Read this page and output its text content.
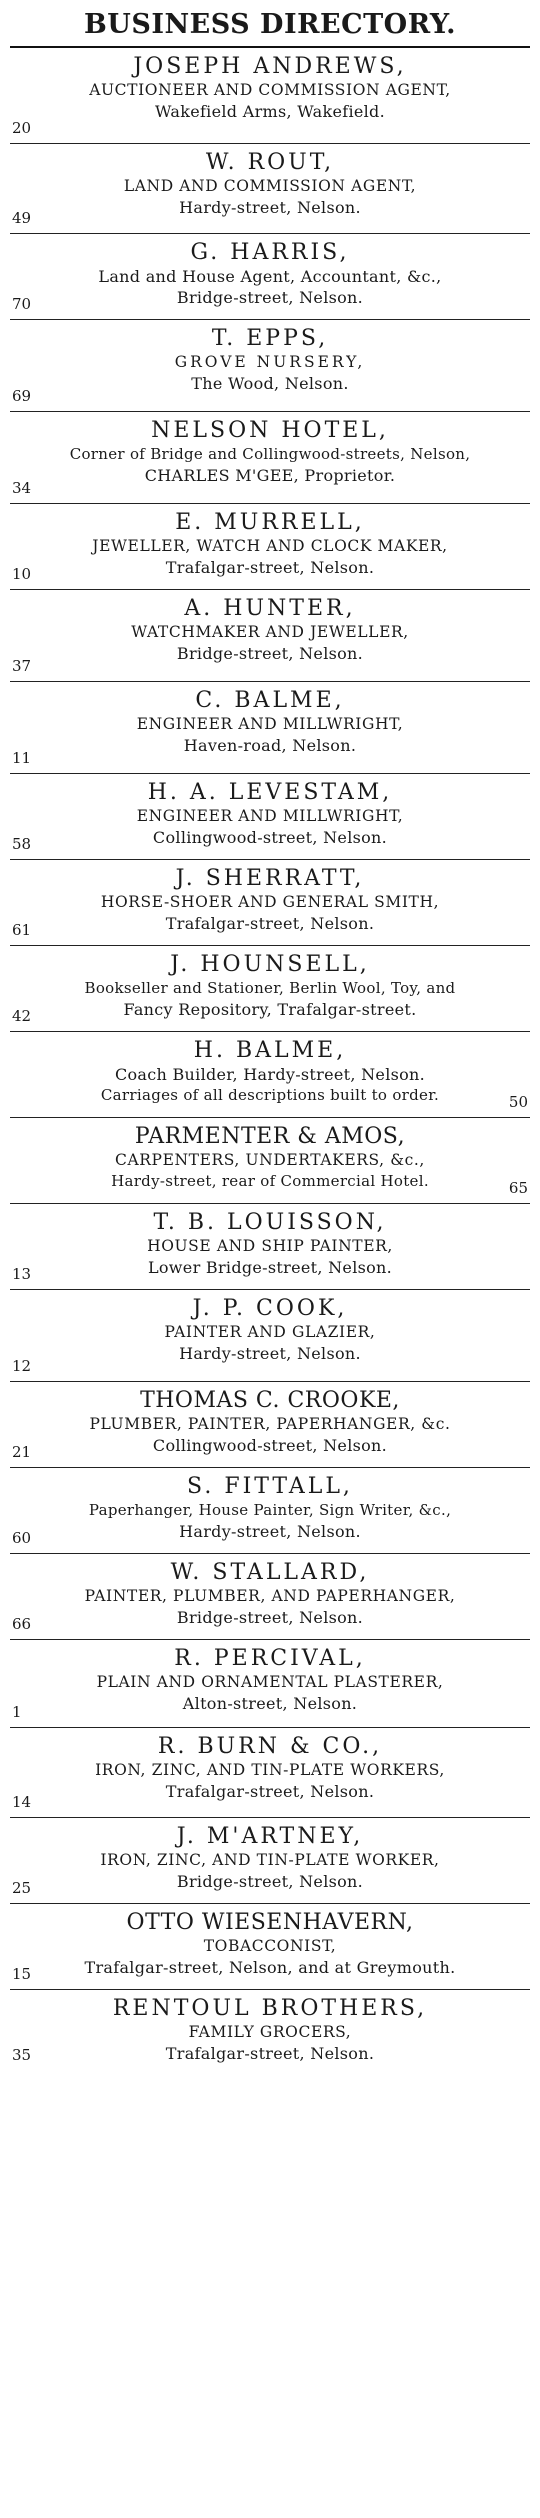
BUSINESS DIRECTORY.
JOSEPH ANDREWS,
AUCTIONEER AND COMMISSION AGENT,
Wakefield Arms, Wakefield.
20
W. ROUT,
LAND AND COMMISSION AGENT,
Hardy-street, Nelson.
49
G. HARRIS,
Land and House Agent, Accountant, &c.,
Bridge-street, Nelson.
70
T. EPPS,
GROVE NURSERY,
The Wood, Nelson.
69
NELSON HOTEL,
Corner of Bridge and Collingwood-streets, Nelson,
CHARLES M'GEE, Proprietor.
34
E. MURRELL,
JEWELLER, WATCH AND CLOCK MAKER,
Trafalgar-street, Nelson.
10
A. HUNTER,
WATCHMAKER AND JEWELLER,
Bridge-street, Nelson.
37
C. BALME,
ENGINEER AND MILLWRIGHT,
Haven-road, Nelson.
11
H. A. LEVESTAM,
ENGINEER AND MILLWRIGHT,
Collingwood-street, Nelson.
58
J. SHERRATT,
HORSE-SHOER AND GENERAL SMITH,
Trafalgar-street, Nelson.
61
J. HOUNSELL,
Bookseller and Stationer, Berlin Wool, Toy, and
Fancy Repository, Trafalgar-street.
42
H. BALME,
Coach Builder, Hardy-street, Nelson.
Carriages of all descriptions built to order.	50
PARMENTER & AMOS,
CARPENTERS, UNDERTAKERS, &c.,
Hardy-street, rear of Commercial Hotel.	65
T. B. LOUISSON,
HOUSE AND SHIP PAINTER,
Lower Bridge-street, Nelson.
13
J. P. COOK,
PAINTER AND GLAZIER,
Hardy-street, Nelson.
12
THOMAS C. CROOKE,
PLUMBER, PAINTER, PAPERHANGER, &c.
Collingwood-street, Nelson.
21
S. FITTALL,
Paperhanger, House Painter, Sign Writer, &c.,
Hardy-street, Nelson.
60
W. STALLARD,
PAINTER, PLUMBER, AND PAPERHANGER,
Bridge-street, Nelson.
66
R. PERCIVAL,
PLAIN AND ORNAMENTAL PLASTERER,
Alton-street, Nelson.
1
R. BURN & CO.,
IRON, ZINC, AND TIN-PLATE WORKERS,
Trafalgar-street, Nelson.
14
J. M'ARTNEY,
IRON, ZINC, AND TIN-PLATE WORKER,
Bridge-street, Nelson.
25
OTTO WIESENHAVERN,
TOBACCONIST,
Trafalgar-street, Nelson, and at Greymouth.
15
RENTOUL BROTHERS,
FAMILY GROCERS,
Trafalgar-street, Nelson.
35
